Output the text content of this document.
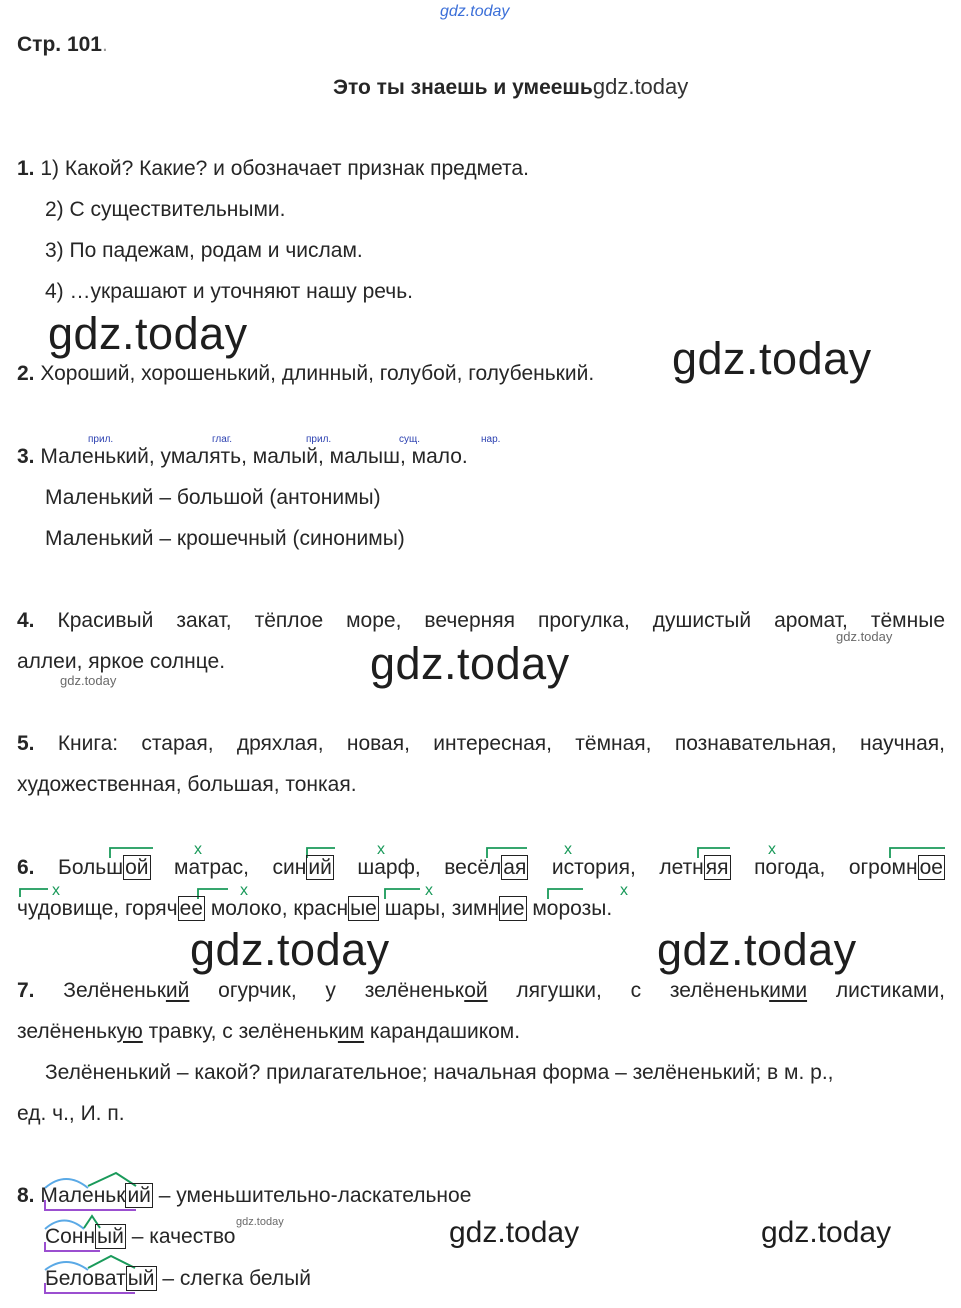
gdz.today
Стр. 101.
Это ты знаешь и умеешьgdz.today
1. 1) Какой? Какие? и обозначает признак предмета.
2) С существительными.
3) По падежам, родам и числам.
4) …украшают и уточняют нашу речь.
gdz.today
2. Хороший, хорошенький, длинный, голубой, голубенький.	gdz.today
прил.	глаг.	прил.	сущ.	нар.
3. Маленький, умалять, малый, малыш, мало.
Маленький – большой (антонимы)
Маленький – крошечный (синонимы)
4. Красивый закат, тёплое море, вечерняя прогулка, душистый аромат, тёмные
аллеи, яркое солнце.
gdz.today
gdz.today	gdz.today
5. Книга: старая, дряхлая, новая, интересная, тёмная, познавательная, научная,
художественная, большая, тонкая.
x	x	x	x
x	x	x	x
6. Большой матрас, синий шарф, весёлая история, летняя погода, огромное
чудовище, горячее молоко, красные шары, зимние морозы.
gdz.today	gdz.today
7. Зелёненький огурчик, у зелёненькой лягушки, с зелёненькими листиками,
зелёненькую травку, с зелёненьким карандашиком.
Зелёненький – какой? прилагательное; начальная форма – зелёненький; в м. р.,
ед. ч., И. п.
8. Маленький – уменьшительно-ласкательное
Сонный – качество
Беловатый – слегка белый
gdz.today	gdz.today	gdz.today
